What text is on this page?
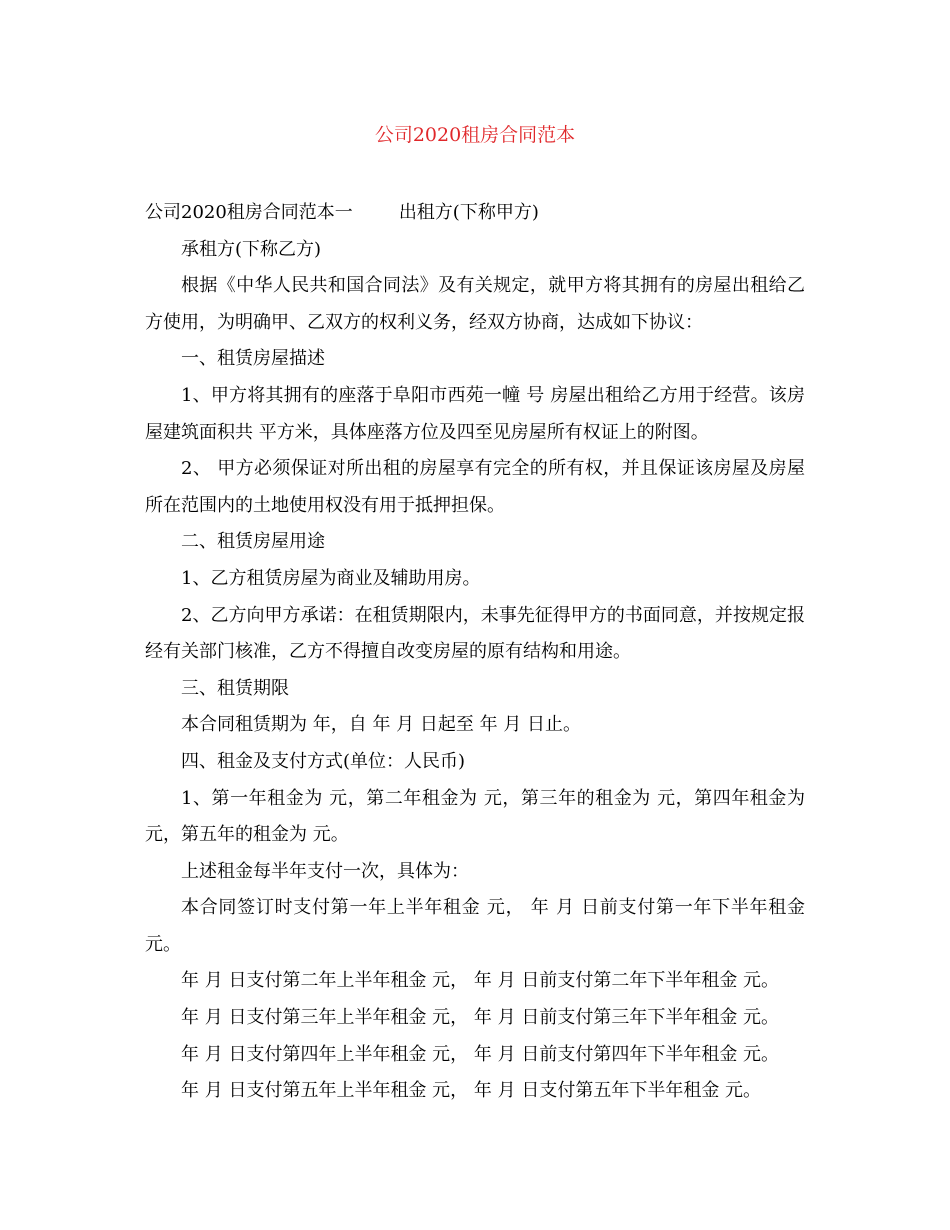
公司2020租房合同范本

公司2020租房合同范本一	出租方(下称甲方)

承租方(下称乙方)

根据《中华人民共和国合同法》及有关规定，就甲方将其拥有的房屋出租给乙方使用，为明确甲、乙双方的权利义务，经双方协商，达成如下协议：

一、租赁房屋描述

1、甲方将其拥有的座落于阜阳市西苑一幢 号 房屋出租给乙方用于经营。该房屋建筑面积共 平方米，具体座落方位及四至见房屋所有权证上的附图。

2、 甲方必须保证对所出租的房屋享有完全的所有权，并且保证该房屋及房屋所在范围内的土地使用权没有用于抵押担保。

二、租赁房屋用途

1、乙方租赁房屋为商业及辅助用房。

2、乙方向甲方承诺：在租赁期限内，未事先征得甲方的书面同意，并按规定报经有关部门核准，乙方不得擅自改变房屋的原有结构和用途。

三、租赁期限

本合同租赁期为 年，自 年 月 日起至 年 月 日止。

四、租金及支付方式(单位：人民币)

1、第一年租金为 元，第二年租金为 元，第三年的租金为 元，第四年租金为元，第五年的租金为 元。

上述租金每半年支付一次，具体为：

本合同签订时支付第一年上半年租金 元， 年 月 日前支付第一年下半年租金元。

年 月 日支付第二年上半年租金 元， 年 月 日前支付第二年下半年租金 元。

年 月 日支付第三年上半年租金 元， 年 月 日前支付第三年下半年租金 元。

年 月 日支付第四年上半年租金 元， 年 月 日前支付第四年下半年租金 元。

年 月 日支付第五年上半年租金 元， 年 月 日支付第五年下半年租金 元。
